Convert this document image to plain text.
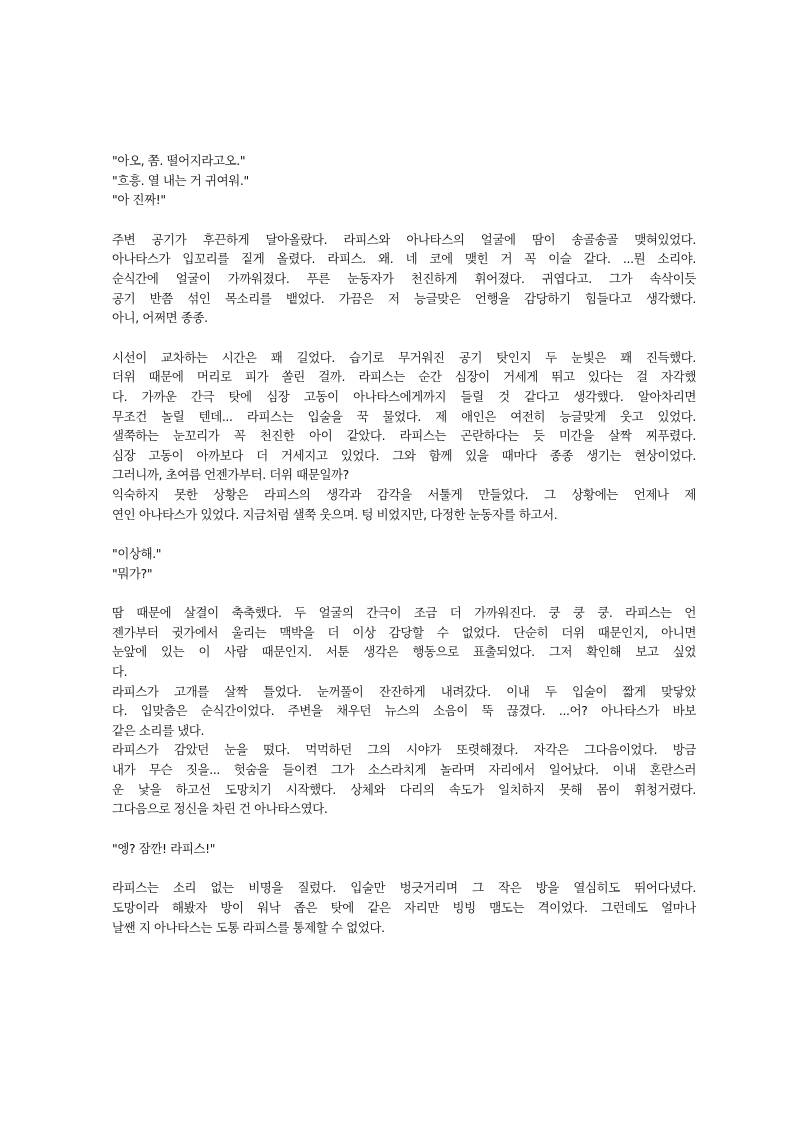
"아오, 쫌. 떨어지라고오."
"흐흥. 열 내는 거 귀여워."
"아 진짜!"
주변 공기가 후끈하게 달아올랐다. 라피스와 아나타스의 얼굴에 땀이 송골송골 맺혀있었다.
아나타스가 입꼬리를 짙게 올렸다. 라피스. 왜. 네 코에 맺힌 거 꼭 이슬 같다. ...뭔 소리야.
순식간에 얼굴이 가까워졌다. 푸른 눈동자가 천진하게 휘어졌다. 귀엽다고. 그가 속삭이듯
공기 반쯤 섞인 목소리를 뱉었다. 가끔은 저 능글맞은 언행을 감당하기 힘들다고 생각했다.
아니, 어쩌면 종종.
시선이 교차하는 시간은 꽤 길었다. 습기로 무거워진 공기 탓인지 두 눈빛은 꽤 진득했다.
더위 때문에 머리로 피가 쏠린 걸까. 라피스는 순간 심장이 거세게 뛰고 있다는 걸 자각했
다. 가까운 간극 탓에 심장 고동이 아나타스에게까지 들릴 것 같다고 생각했다. 알아차리면
무조건 놀릴 텐데... 라피스는 입술을 꾹 물었다. 제 애인은 여전히 능글맞게 웃고 있었다.
샐쭉하는 눈꼬리가 꼭 천진한 아이 같았다. 라피스는 곤란하다는 듯 미간을 살짝 찌푸렸다.
심장 고동이 아까보다 더 거세지고 있었다. 그와 함께 있을 때마다 종종 생기는 현상이었다.
그러니까, 초여름 언젠가부터. 더위 때문일까?
익숙하지 못한 상황은 라피스의 생각과 감각을 서툴게 만들었다. 그 상황에는 언제나 제
연인 아나타스가 있었다. 지금처럼 샐쭉 웃으며. 텅 비었지만, 다정한 눈동자를 하고서.
"이상해."
"뭐가?"
땀 때문에 살결이 축축했다. 두 얼굴의 간극이 조금 더 가까워진다. 쿵 쿵 쿵. 라피스는 언
젠가부터 귓가에서 울리는 맥박을 더 이상 감당할 수 없었다. 단순히 더위 때문인지, 아니면
눈앞에 있는 이 사람 때문인지. 서툰 생각은 행동으로 표출되었다. 그저 확인해 보고 싶었
다.
라피스가 고개를 살짝 틀었다. 눈꺼풀이 잔잔하게 내려갔다. 이내 두 입술이 짧게 맞닿았
다. 입맞춤은 순식간이었다. 주변을 채우던 뉴스의 소음이 뚝 끊겼다. ...어? 아나타스가 바보
같은 소리를 냈다.
라피스가 감았던 눈을 떴다. 먹먹하던 그의 시야가 또렷해졌다. 자각은 그다음이었다. 방금
내가 무슨 짓을... 헛숨을 들이켠 그가 소스라치게 놀라며 자리에서 일어났다. 이내 혼란스러
운 낯을 하고선 도망치기 시작했다. 상체와 다리의 속도가 일치하지 못해 몸이 휘청거렸다.
그다음으로 정신을 차린 건 아나타스였다.
"엥? 잠깐! 라피스!"
라피스는 소리 없는 비명을 질렀다. 입술만 벙긋거리며 그 작은 방을 열심히도 뛰어다녔다.
도망이라 해봤자 방이 워낙 좁은 탓에 같은 자리만 빙빙 맴도는 격이었다. 그런데도 얼마나
날쌘 지 아나타스는 도통 라피스를 통제할 수 없었다.
